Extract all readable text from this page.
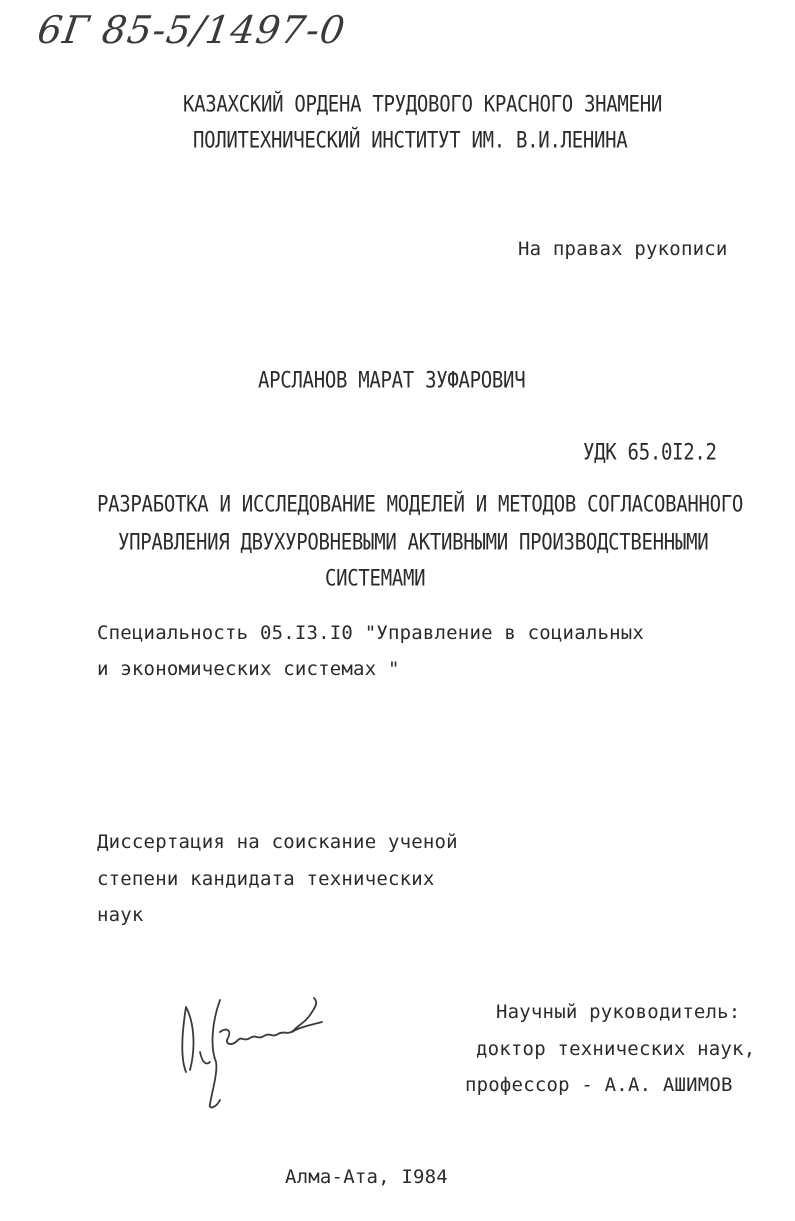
6Г 85-5/1497-0
КАЗАХСКИЙ ОРДЕНА ТРУДОВОГО КРАСНОГО ЗНАМЕНИ
ПОЛИТЕХНИЧЕСКИЙ ИНСТИТУТ ИМ. В.И.ЛЕНИНА
На правах рукописи
АРСЛАНОВ МАРАТ ЗУФАРОВИЧ
УДК 65.0I2.2
РАЗРАБОТКА И ИССЛЕДОВАНИЕ МОДЕЛЕЙ И МЕТОДОВ СОГЛАСОВАННОГО
УПРАВЛЕНИЯ ДВУХУРОВНЕВЫМИ АКТИВНЫМИ ПРОИЗВОДСТВЕННЫМИ
СИСТЕМАМИ
Специальность 05.I3.I0 "Управление в социальных
и экономических системах "
Диссертация на соискание ученой
степени кандидата технических
наук
Научный руководитель:
доктор технических наук,
профессор - А.А. АШИМОВ
Алма-Ата, I984
